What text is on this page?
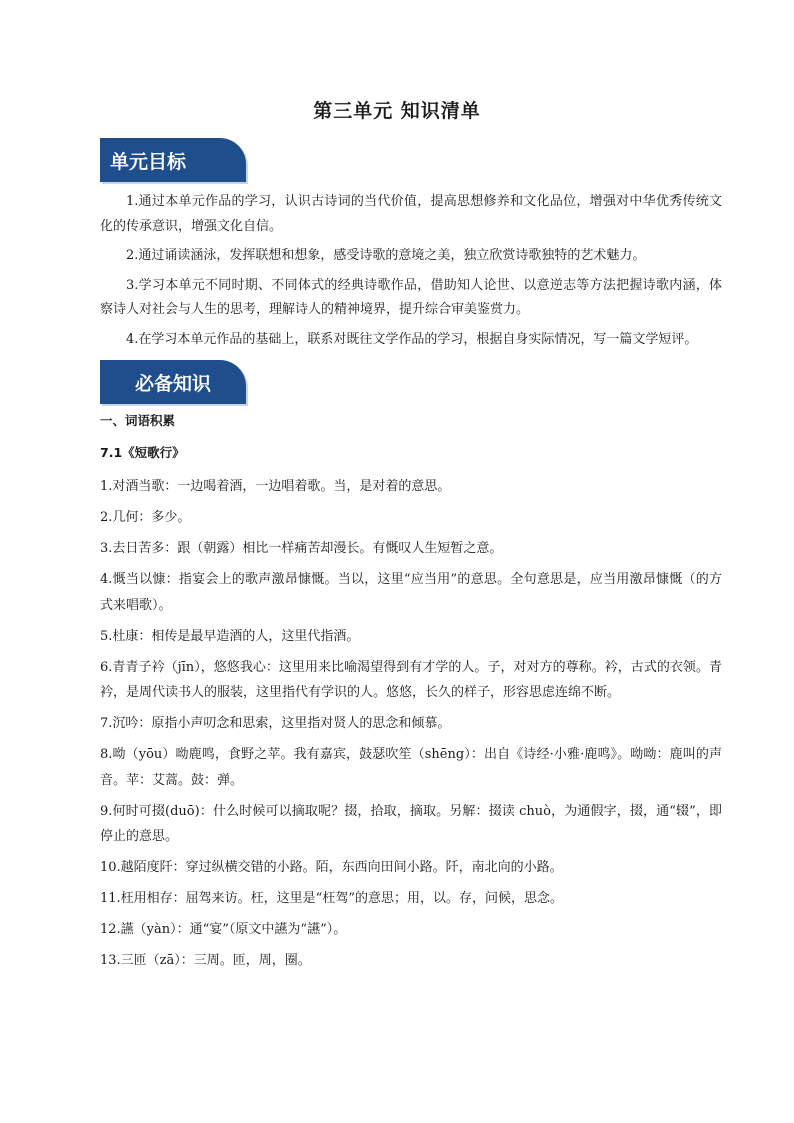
第三单元 知识清单
单元目标

1.通过本单元作品的学习，认识古诗词的当代价值，提高思想修养和文化品位，增强对中华优秀传统文化的传承意识，增强文化自信。

2.通过诵读涵泳，发挥联想和想象，感受诗歌的意境之美，独立欣赏诗歌独特的艺术魅力。

3.学习本单元不同时期、不同体式的经典诗歌作品，借助知人论世、以意逆志等方法把握诗歌内涵，体察诗人对社会与人生的思考，理解诗人的精神境界，提升综合审美鉴赏力。

4.在学习本单元作品的基础上，联系对既往文学作品的学习，根据自身实际情况，写一篇文学短评。

必备知识
一、词语积累
7.1《短歌行》

1.对酒当歌：一边喝着酒，一边唱着歌。当，是对着的意思。

2.几何：多少。

3.去日苦多：跟（朝露）相比一样痛苦却漫长。有慨叹人生短暂之意。

4.慨当以慷：指宴会上的歌声激昂慷慨。当以，这里“应当用”的意思。全句意思是，应当用激昂慷慨（的方式来唱歌）。

5.杜康：相传是最早造酒的人，这里代指酒。

6.青青子衿（jīn），悠悠我心：这里用来比喻渴望得到有才学的人。子，对对方的尊称。衿，古式的衣领。青衿，是周代读书人的服装，这里指代有学识的人。悠悠，长久的样子，形容思虑连绵不断。

7.沉吟：原指小声叨念和思索，这里指对贤人的思念和倾慕。

8.呦（yōu）呦鹿鸣，食野之苹。我有嘉宾，鼓瑟吹笙（shēng）：出自《诗经·小雅·鹿鸣》。呦呦：鹿叫的声音。苹：艾蒿。鼓：弹。

9.何时可掇(duō)：什么时候可以摘取呢？掇，拾取，摘取。另解：掇读 chuò，为通假字，掇，通“辍”，即停止的意思。

10.越陌度阡：穿过纵横交错的小路。陌，东西向田间小路。阡，南北向的小路。

11.枉用相存：屈驾来访。枉，这里是“枉驾”的意思；用，以。存，问候，思念。

12.讌（yàn）：通“宴”（原文中讌为“讌”）。

13.三匝（zā）：三周。匝，周，圈。
